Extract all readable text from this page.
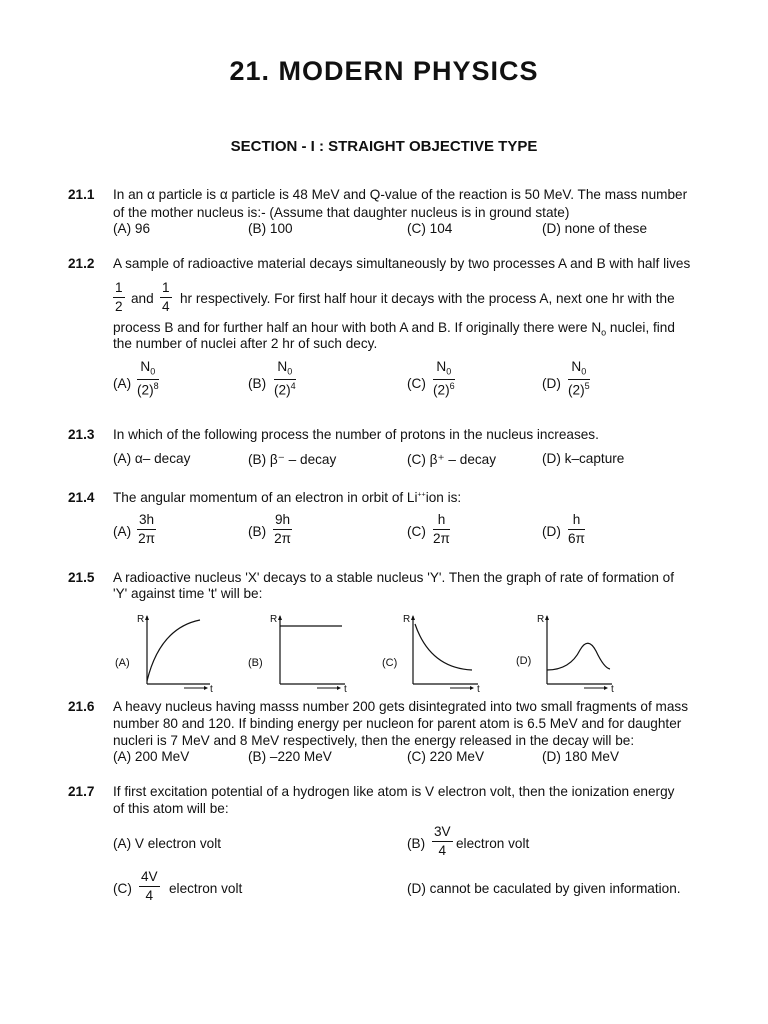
21. MODERN PHYSICS
SECTION - I : STRAIGHT OBJECTIVE TYPE
21.1 In an α particle is α particle is 48 MeV and Q-value of the reaction is 50 MeV. The mass number
of the mother nucleus is:- (Assume that daughter nucleus is in ground state)
(A) 96	(B) 100	(C) 104	(D) none of these
21.2 A sample of radioactive material decays simultaneously by two processes A and B with half lives
$\frac{1}{2}$ and $\frac{1}{4}$ hr respectively. For first half hour it decays with the process A, next one hr with the
process B and for further half an hour with both A and B. If originally there were $N_o$ nuclei, find
the number of nuclei after 2 hr of such decy.
$(A) \frac{N_0}{(2)^8}$	$(B) \frac{N_0}{(2)^4}$	$(C) \frac{N_0}{(2)^6}$	$(D) \frac{N_0}{(2)^5}$
21.3 In which of the following process the number of protons in the nucleus increases.
(A) α– decay	(B) β⁻ – decay	(C) β⁺ – decay	(D) k–capture
21.4 The angular momentum of an electron in orbit of Li++ion is:
$(A) \frac{3h}{2\pi}$	$(B) \frac{9h}{2\pi}$	$(C) \frac{h}{2\pi}$	$(D) \frac{h}{6\pi}$
21.5 A radioactive nucleus 'X' decays to a stable nucleus 'Y'. Then the graph of rate of formation of
'Y' against time 't' will be:
R	R	R	R
t	t	t	t
(A)	(B)	(C)	(D)
21.6 A heavy nucleus having masss number 200 gets disintegrated into two small fragments of mass
number 80 and 120. If binding energy per nucleon for parent atom is 6.5 MeV and for daughter
nucleri is 7 MeV and 8 MeV respectively, then the energy released in the decay will be:
(A) 200 MeV	(B) –220 MeV	(C) 220 MeV	(D) 180 MeV
21.7 If first excitation potential of a hydrogen like atom is V electron volt, then the ionization energy
of this atom will be:
(A) V electron volt	$(B) \frac{3V}{4}$ electron volt
$(C) \frac{4V}{4}$ electron volt	(D) cannot be caculated by given information.
